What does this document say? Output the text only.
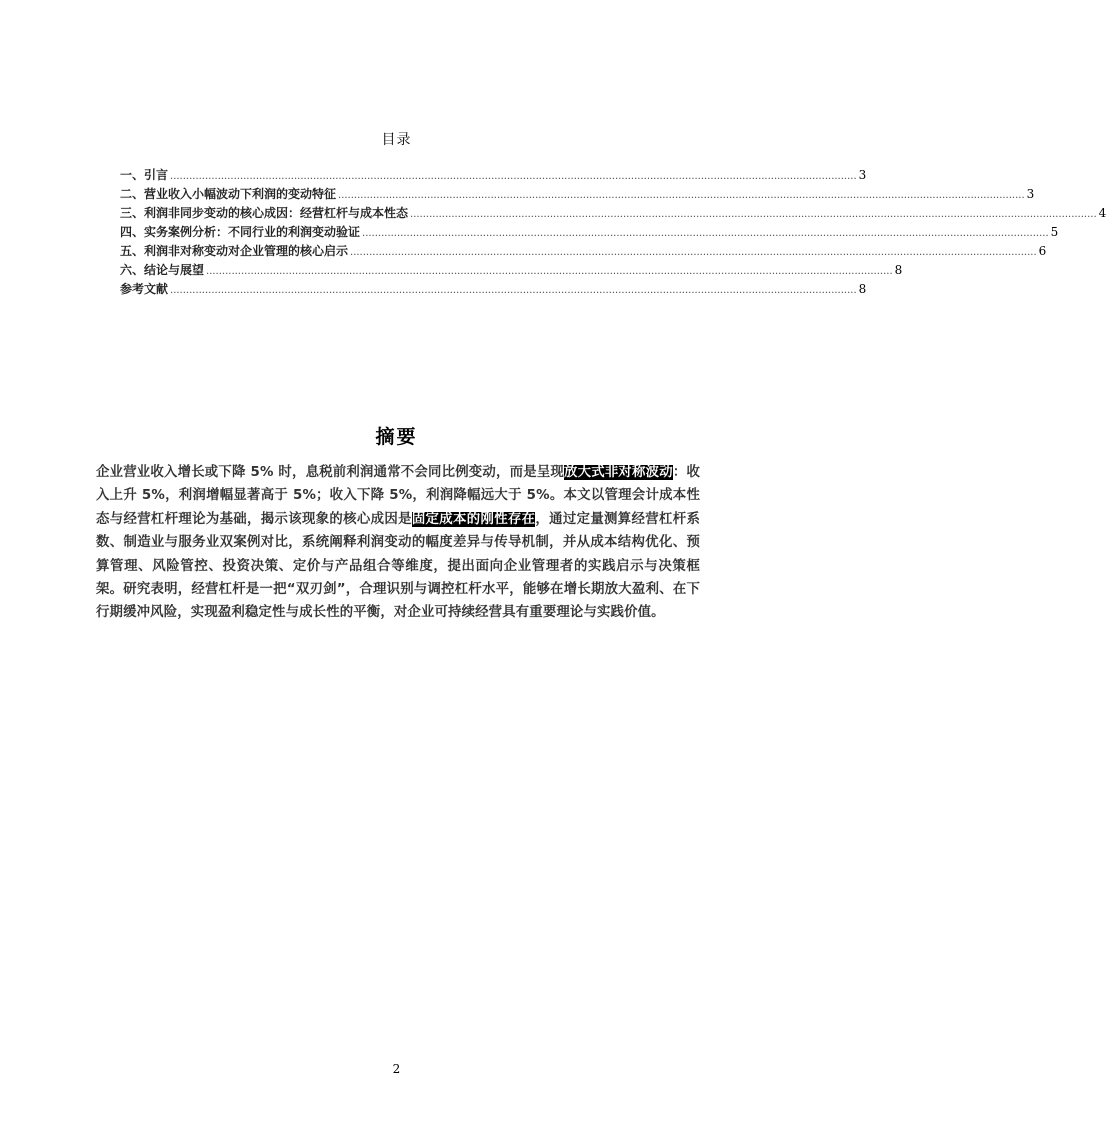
目录
一、引言 ........................................................................................................................................................................................................................ 3
二、营业收入小幅波动下利润的变动特征 ........................................................................................................................................................................................................................ 3
三、利润非同步变动的核心成因：经营杠杆与成本性态 ........................................................................................................................................................................................................................ 4
四、实务案例分析：不同行业的利润变动验证 ........................................................................................................................................................................................................................ 5
五、利润非对称变动对企业管理的核心启示 ........................................................................................................................................................................................................................ 6
六、结论与展望 ........................................................................................................................................................................................................................ 8
参考文献 ........................................................................................................................................................................................................................ 8
摘要
企业营业收入增长或下降 5% 时，息税前利润通常不会同比例变动，而是呈现放大式非对称波动：收入上升 5%，利润增幅显著高于 5%；收入下降 5%，利润降幅远大于 5%。本文以管理会计成本性态与经营杠杆理论为基础，揭示该现象的核心成因是固定成本的刚性存在，通过定量测算经营杠杆系数、制造业与服务业双案例对比，系统阐释利润变动的幅度差异与传导机制，并从成本结构优化、预算管理、风险管控、投资决策、定价与产品组合等维度，提出面向企业管理者的实践启示与决策框架。研究表明，经营杠杆是一把“双刃剑”，合理识别与调控杠杆水平，能够在增长期放大盈利、在下行期缓冲风险，实现盈利稳定性与成长性的平衡，对企业可持续经营具有重要理论与实践价值。
2
